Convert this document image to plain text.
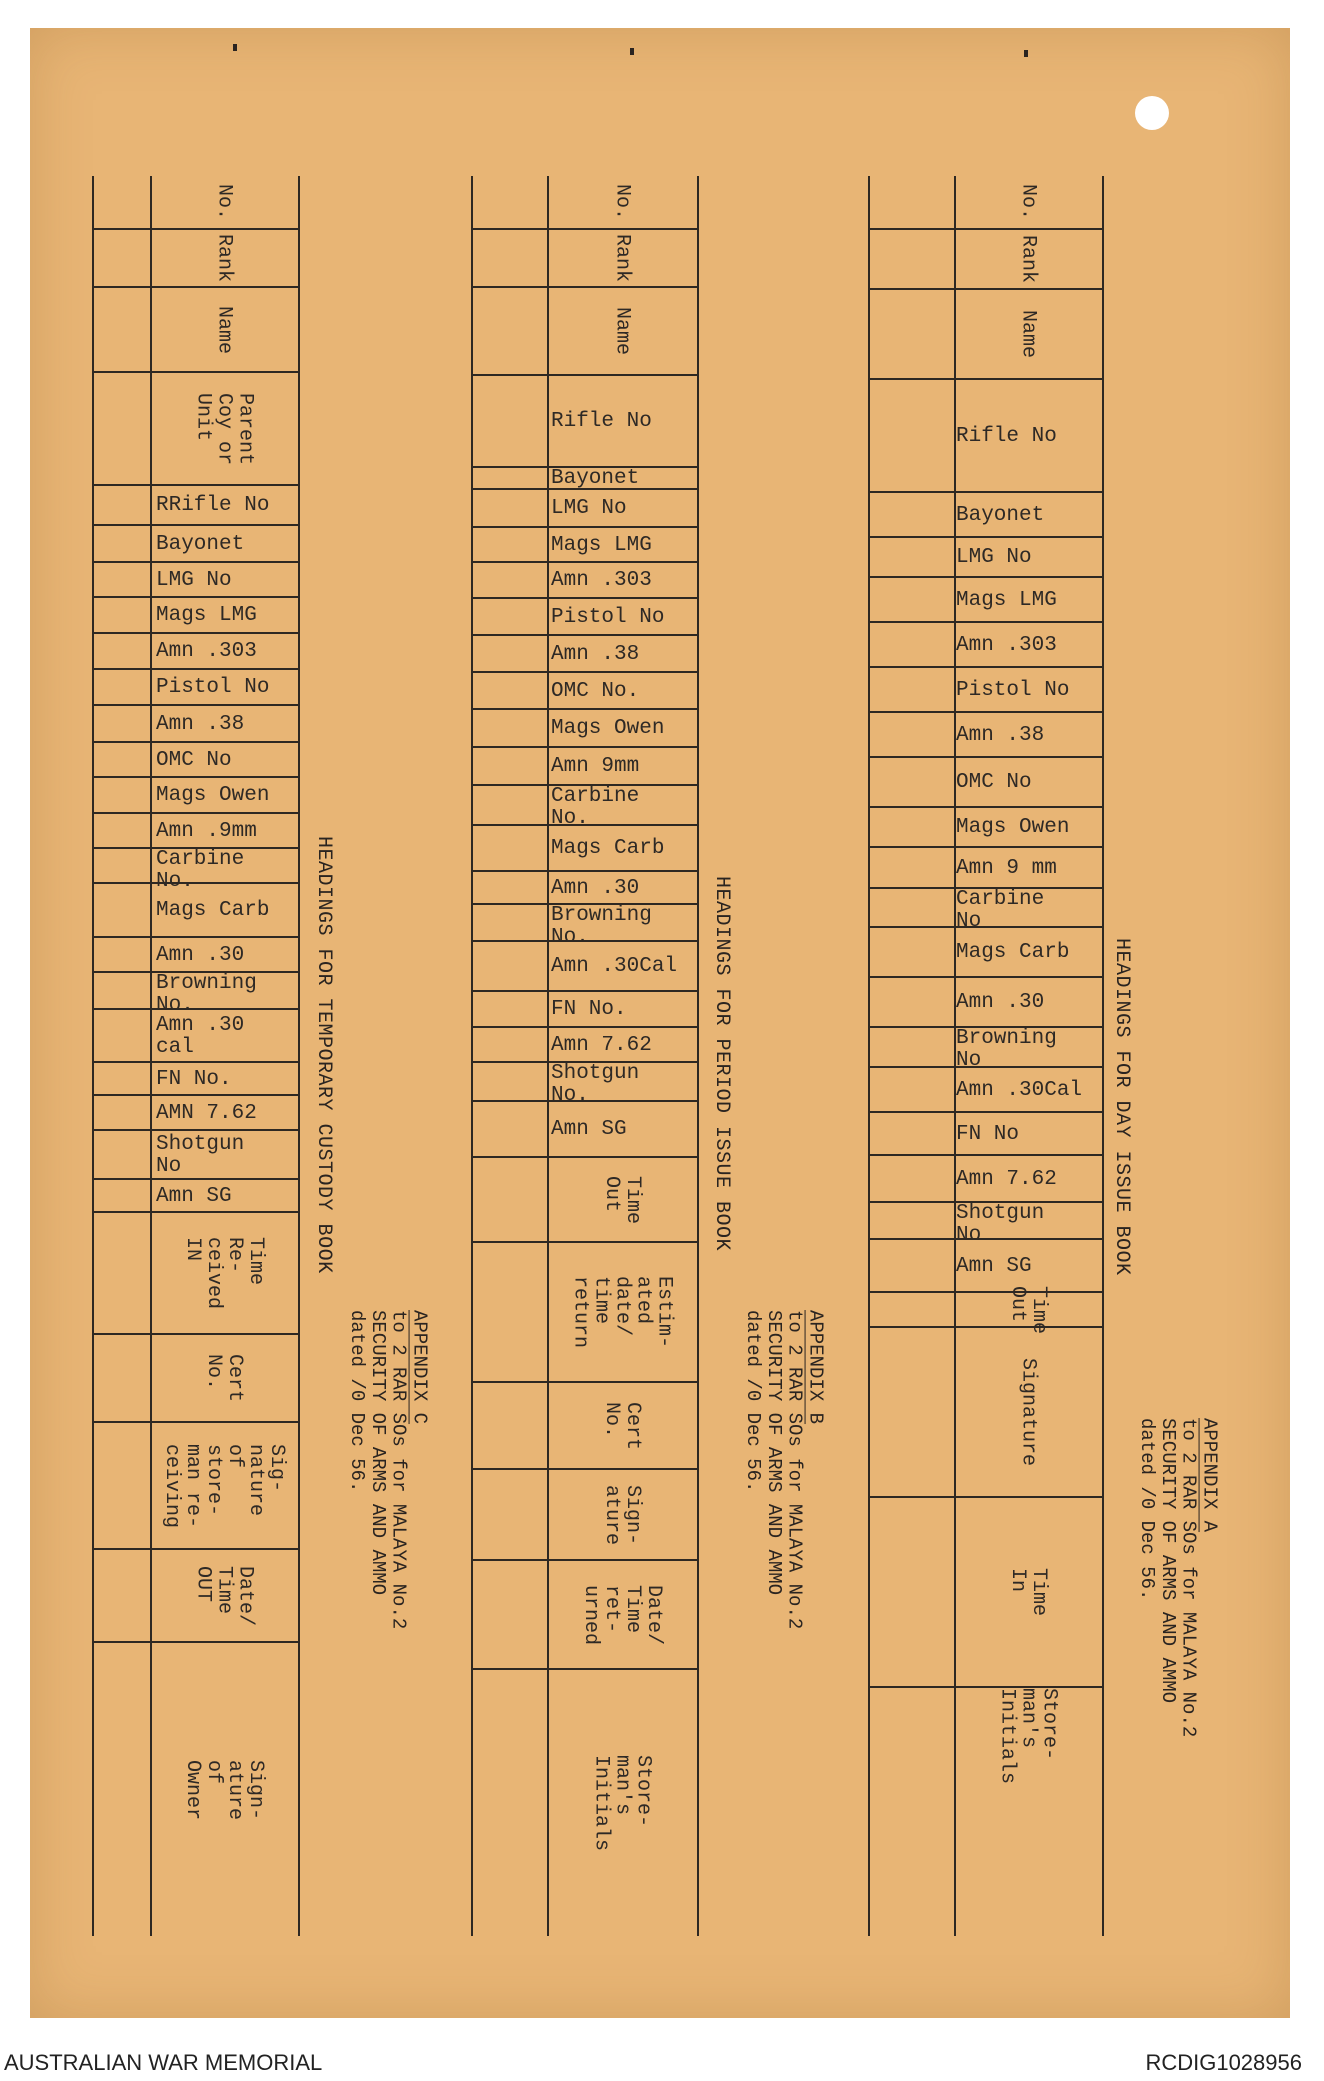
No.
Rank
Name
Parent
Coy or
Unit
RRifle No
Bayonet
LMG No
Mags LMG
Amn .303
Pistol No
Amn .38
OMC No
Mags Owen
Amn .9mm
Carbine
No.
Mags Carb
Amn .30
Browning
No.
Amn .30
cal
FN No.
AMN 7.62
Shotgun
No
Amn SG
Time
Re-
ceived
IN
Cert
No.
Sig-
nature
of store-
man re-
ceiving
Date/
Time
OUT
Sign-
ature
of
Owner
HEADINGS FOR TEMPORARY CUSTODY BOOK
APPENDIX C
to 2 RAR SOs for MALAYA No.2
SECURITY OF ARMS AND AMMO
dated /0 Dec 56.
No.
Rank
Name
Rifle No
Bayonet
LMG No
Mags LMG
Amn .303
Pistol No
Amn .38
OMC No.
Mags Owen
Amn 9mm
Carbine
No.
Mags Carb
Amn .30
Browning
No.
Amn .30Cal
FN No.
Amn 7.62
Shotgun
No.
Amn SG
Time
Out
Estim-
ated
date/
time
return
Cert
No.
Sign-
ature
Date/
Time
ret-
urned
Store-
man's
Initials
HEADINGS FOR PERIOD ISSUE BOOK
APPENDIX B
to 2 RAR SOs for MALAYA No.2
SECURITY OF ARMS AND AMMO
dated /0 Dec 56.
No.
Rank
Name
Rifle No
Bayonet
LMG No
Mags LMG
Amn .303
Pistol No
Amn .38
OMC No
Mags Owen
Amn 9 mm
Carbine
No
Mags Carb
Amn .30
Browning
No
Amn .30Cal
FN No
Amn 7.62
Shotgun
No
Amn SG
Time
Out
Signature
Time
In
Store-
man's
Initials
HEADINGS FOR DAY ISSUE BOOK
APPENDIX A
to 2 RAR SOs for MALAYA No.2
SECURITY OF ARMS AND AMMO
dated /0 Dec 56.
AUSTRALIAN WAR MEMORIAL	RCDIG1028956
